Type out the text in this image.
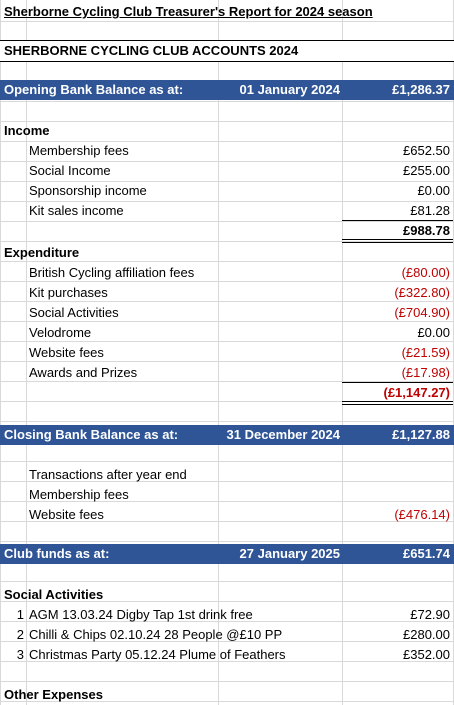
Sherborne Cycling Club Treasurer's Report for 2024 season
SHERBORNE CYCLING CLUB ACCOUNTS 2024
Opening Bank Balance as at:	01 January 2024	£1,286.37
Income
Membership fees	£652.50
Social Income	£255.00
Sponsorship income	£0.00
Kit sales income	£81.28
£988.78
Expenditure
British Cycling affiliation fees	(£80.00)
Kit purchases	(£322.80)
Social Activities	(£704.90)
Velodrome	£0.00
Website fees	(£21.59)
Awards and Prizes	(£17.98)
(£1,147.27)
Closing Bank Balance as at:	31 December 2024	£1,127.88
Transactions after year end
Membership fees
Website fees	(£476.14)
Club funds as at:	27 January 2025	£651.74
Social Activities
1 AGM 13.03.24 Digby Tap 1st drink free	£72.90
2 Chilli & Chips 02.10.24 28 People @£10 PP	£280.00
3 Christmas Party 05.12.24 Plume of Feathers	£352.00
Other Expenses
